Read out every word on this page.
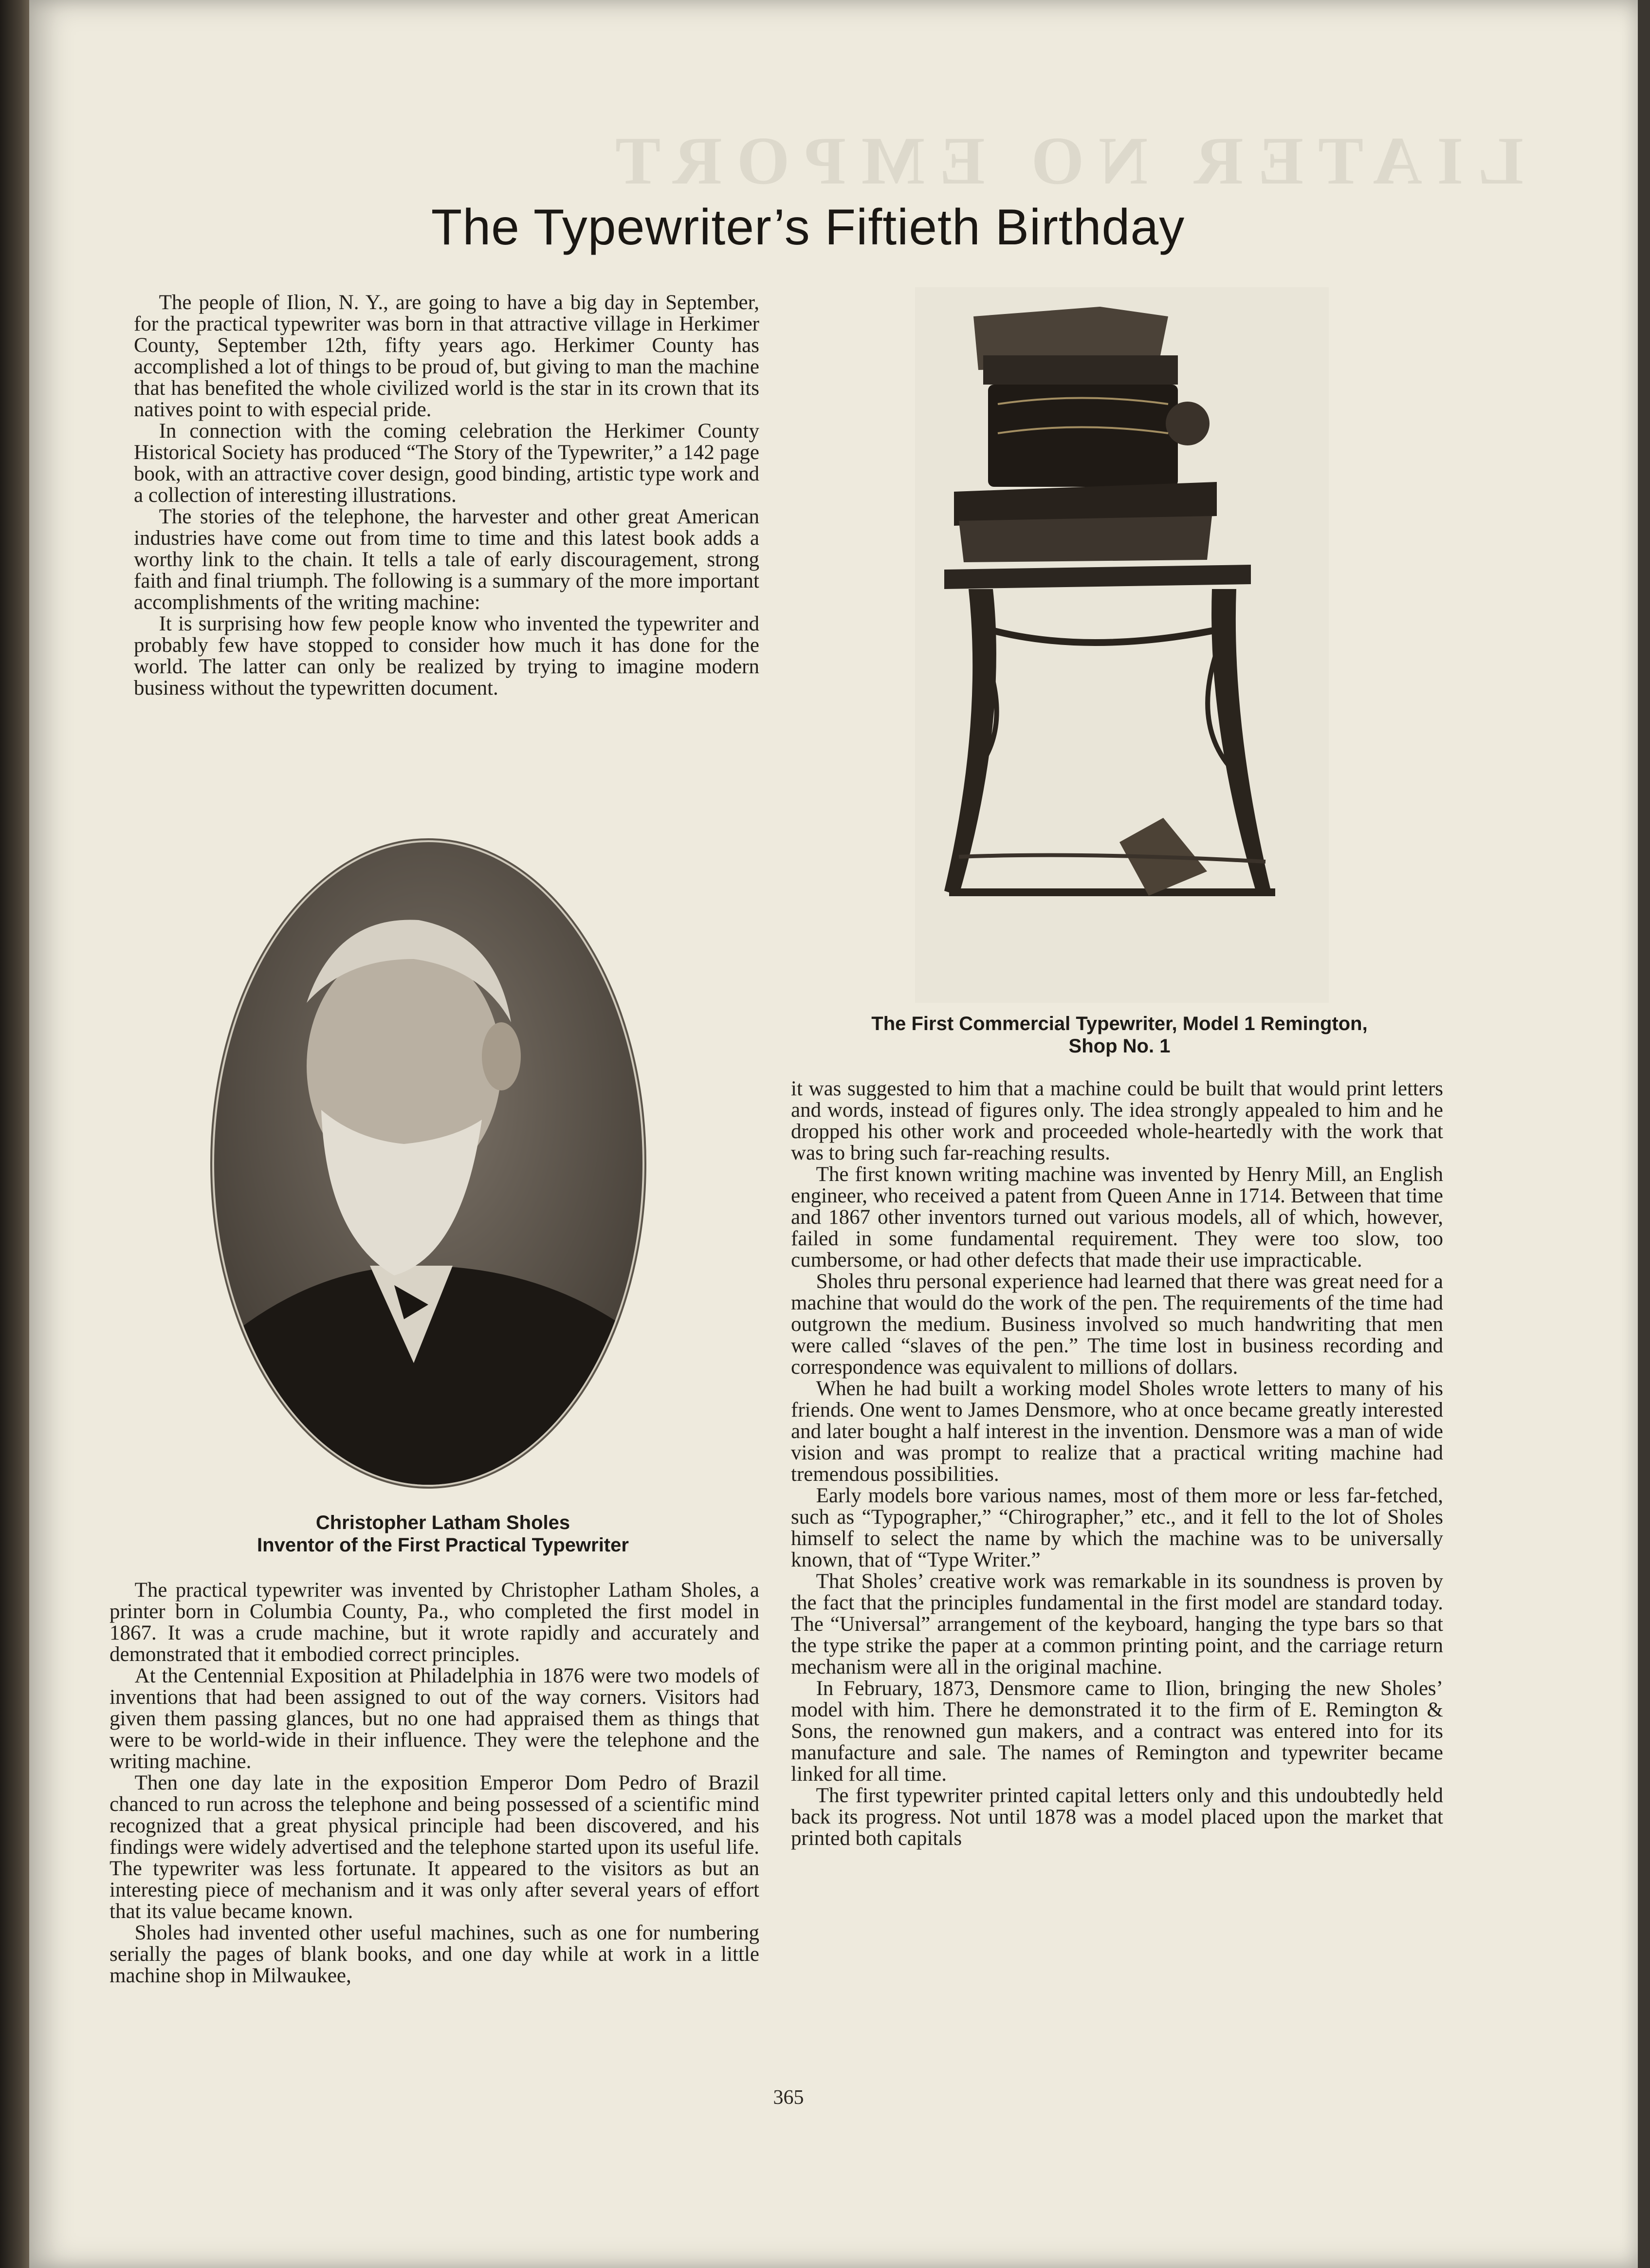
LIATER NO EMPORT
The Typewriter’s Fiftieth Birthday

The people of Ilion, N. Y., are going to have a big day in September, for the practical typewriter was born in that attractive village in Herkimer County, September 12th, fifty years ago. Herkimer County has accomplished a lot of things to be proud of, but giving to man the machine that has benefited the whole civilized world is the star in its crown that its natives point to with especial pride.

In connection with the coming celebration the Herkimer County Historical Society has produced “The Story of the Typewriter,” a 142 page book, with an attractive cover design, good binding, artistic type work and a collection of interesting illustrations.

The stories of the telephone, the harvester and other great American industries have come out from time to time and this latest book adds a worthy link to the chain. It tells a tale of early discouragement, strong faith and final triumph. The following is a summary of the more important accomplishments of the writing machine:

It is surprising how few people know who invented the typewriter and probably few have stopped to consider how much it has done for the world. The latter can only be realized by trying to imagine modern business without the typewritten document.

The First Commercial Typewriter, Model 1 Remington,
Shop No. 1
Christopher Latham Sholes
Inventor of the First Practical Typewriter

The practical typewriter was invented by Christopher Latham Sholes, a printer born in Columbia County, Pa., who completed the first model in 1867. It was a crude machine, but it wrote rapidly and accurately and demonstrated that it embodied correct principles.

At the Centennial Exposition at Philadelphia in 1876 were two models of inventions that had been assigned to out of the way corners. Visitors had given them passing glances, but no one had appraised them as things that were to be world-wide in their influence. They were the telephone and the writing machine.

Then one day late in the exposition Emperor Dom Pedro of Brazil chanced to run across the telephone and being possessed of a scientific mind recognized that a great physical principle had been discovered, and his findings were widely advertised and the telephone started upon its useful life. The typewriter was less fortunate. It appeared to the visitors as but an interesting piece of mechanism and it was only after several years of effort that its value became known.

Sholes had invented other useful machines, such as one for numbering serially the pages of blank books, and one day while at work in a little machine shop in Milwaukee,

it was suggested to him that a machine could be built that would print letters and words, instead of figures only. The idea strongly appealed to him and he dropped his other work and proceeded whole-heartedly with the work that was to bring such far-reaching results.

The first known writing machine was invented by Henry Mill, an English engineer, who received a patent from Queen Anne in 1714. Between that time and 1867 other inventors turned out various models, all of which, however, failed in some fundamental requirement. They were too slow, too cumbersome, or had other defects that made their use impracticable.

Sholes thru personal experience had learned that there was great need for a machine that would do the work of the pen. The requirements of the time had outgrown the medium. Business involved so much handwriting that men were called “slaves of the pen.” The time lost in business recording and correspondence was equivalent to millions of dollars.

When he had built a working model Sholes wrote letters to many of his friends. One went to James Densmore, who at once became greatly interested and later bought a half interest in the invention. Densmore was a man of wide vision and was prompt to realize that a practical writing machine had tremendous possibilities.

Early models bore various names, most of them more or less far-fetched, such as “Typographer,” “Chirographer,” etc., and it fell to the lot of Sholes himself to select the name by which the machine was to be universally known, that of “Type Writer.”

That Sholes’ creative work was remarkable in its soundness is proven by the fact that the principles fundamental in the first model are standard today. The “Universal” arrangement of the keyboard, hanging the type bars so that the type strike the paper at a common printing point, and the carriage return mechanism were all in the original machine.

In February, 1873, Densmore came to Ilion, bringing the new Sholes’ model with him. There he demonstrated it to the firm of E. Remington & Sons, the renowned gun makers, and a contract was entered into for its manufacture and sale. The names of Remington and typewriter became linked for all time.

The first typewriter printed capital letters only and this undoubtedly held back its progress. Not until 1878 was a model placed upon the market that printed both capitals

365
